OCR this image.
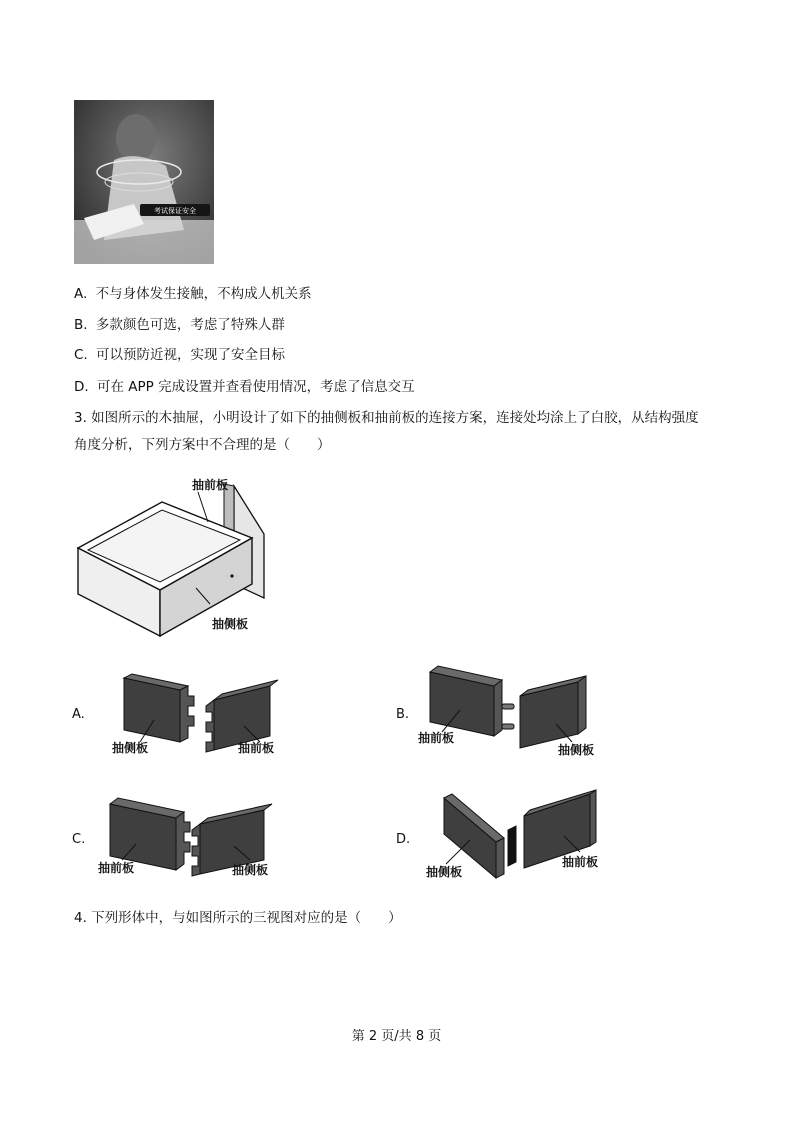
考试保证安全
A. 不与身体发生接触，不构成人机关系
B. 多款颜色可选，考虑了特殊人群
C. 可以预防近视，实现了安全目标
D. 可在 APP 完成设置并查看使用情况，考虑了信息交互
3. 如图所示的木抽屉，小明设计了如下的抽侧板和抽前板的连接方案，连接处均涂上了白胶，从结构强度
角度分析，下列方案中不合理的是（　　）
抽前板
抽侧板
A.
抽侧板	抽前板
B.
抽前板
抽侧板
C.
抽前板	抽侧板
D.
抽侧板
抽前板
4. 下列形体中，与如图所示的三视图对应的是（　　）
第 2 页/共 8 页
